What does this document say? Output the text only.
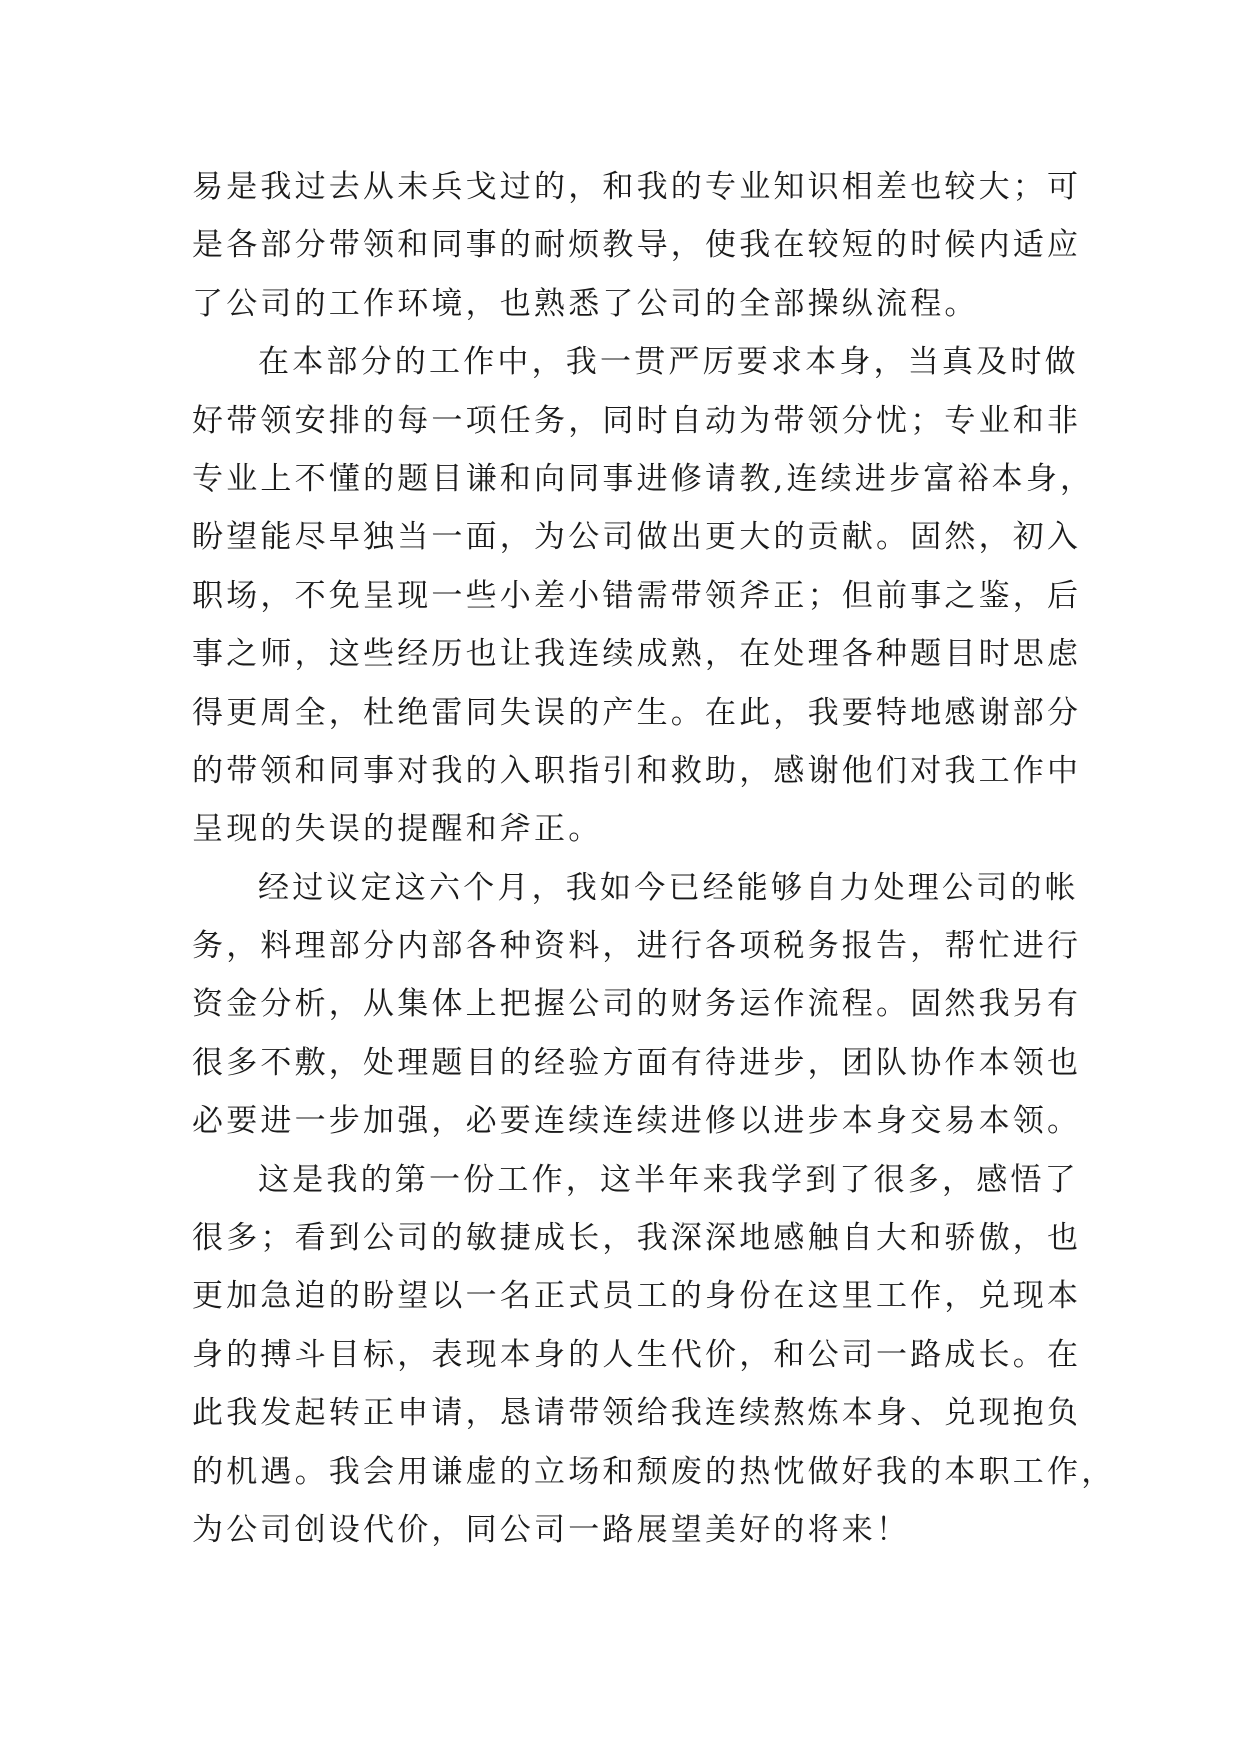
易是我过去从未兵戈过的，和我的专业知识相差也较大；可
是各部分带领和同事的耐烦教导，使我在较短的时候内适应
了公司的工作环境，也熟悉了公司的全部操纵流程。
在本部分的工作中，我一贯严厉要求本身，当真及时做
好带领安排的每一项任务，同时自动为带领分忧；专业和非
专业上不懂的题目谦和向同事进修请教,连续进步富裕本身，
盼望能尽早独当一面，为公司做出更大的贡献。固然，初入
职场，不免呈现一些小差小错需带领斧正；但前事之鉴，后
事之师，这些经历也让我连续成熟，在处理各种题目时思虑
得更周全，杜绝雷同失误的产生。在此，我要特地感谢部分
的带领和同事对我的入职指引和救助，感谢他们对我工作中
呈现的失误的提醒和斧正。
经过议定这六个月，我如今已经能够自力处理公司的帐
务，料理部分内部各种资料，进行各项税务报告，帮忙进行
资金分析，从集体上把握公司的财务运作流程。固然我另有
很多不敷，处理题目的经验方面有待进步，团队协作本领也
必要进一步加强，必要连续连续进修以进步本身交易本领。
这是我的第一份工作，这半年来我学到了很多，感悟了
很多；看到公司的敏捷成长，我深深地感触自大和骄傲，也
更加急迫的盼望以一名正式员工的身份在这里工作，兑现本
身的搏斗目标，表现本身的人生代价，和公司一路成长。在
此我发起转正申请，恳请带领给我连续熬炼本身、兑现抱负
的机遇。我会用谦虚的立场和颓废的热忱做好我的本职工作，
为公司创设代价，同公司一路展望美好的将来！
